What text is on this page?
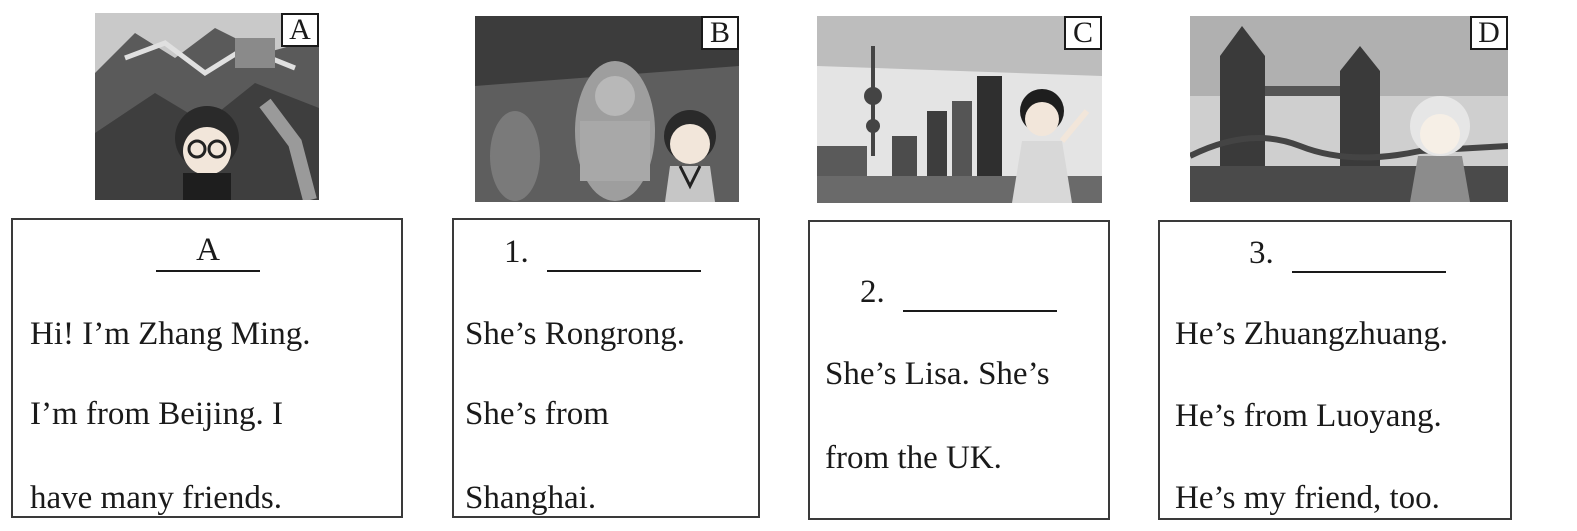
A	B	C	D
A
Hi! I’m Zhang Ming.
I’m from Beijing. I
have many friends.
1.
She’s Rongrong.
She’s from
Shanghai.
2.
She’s Lisa. She’s
from the UK.
3.
He’s Zhuangzhuang.
He’s from Luoyang.
He’s my friend, too.
